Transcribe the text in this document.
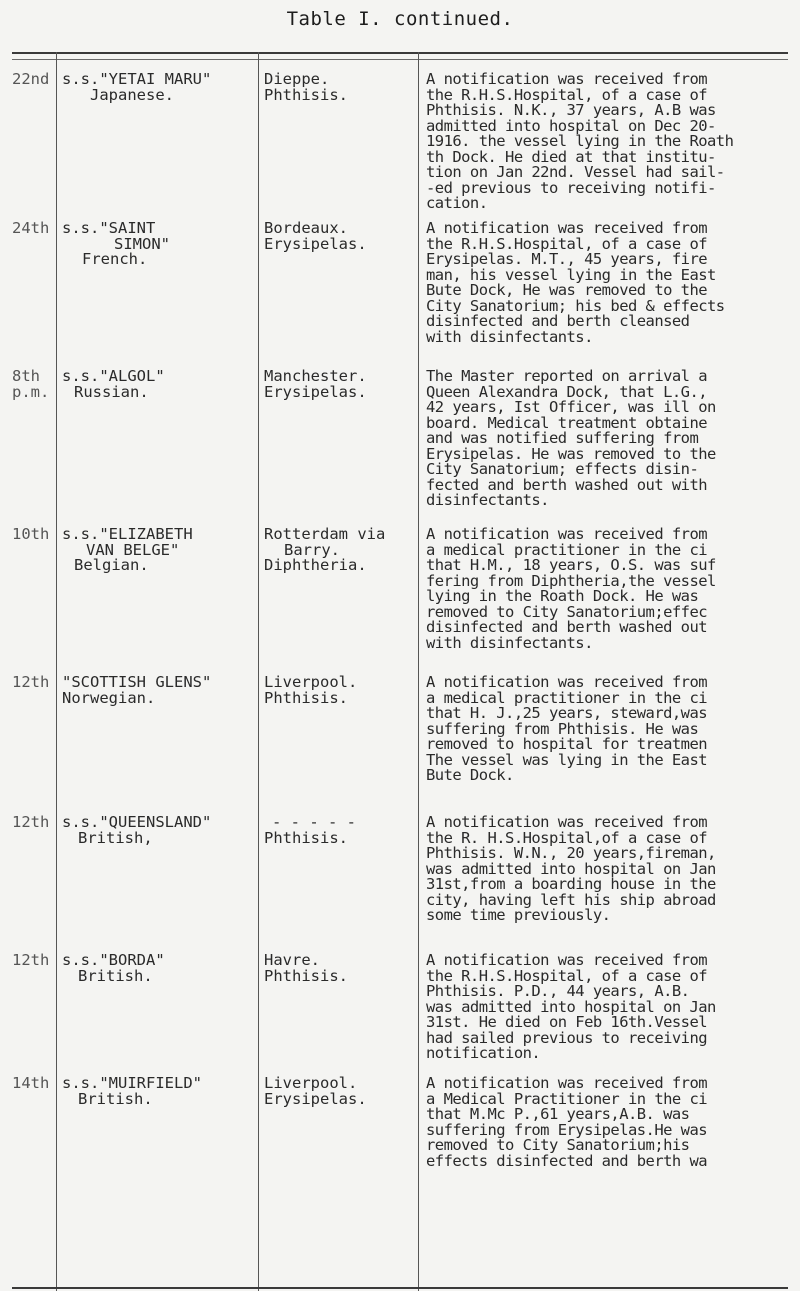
Table I. continued.
22nd s.s."YETAI MARU"
Japanese.
Dieppe.
Phthisis.
A notification was received from
the R.H.S.Hospital, of a case of
Phthisis. N.K., 37 years, A.B was
admitted into hospital on Dec 20-
1916. the vessel lying in the Roath
th Dock. He died at that institu-
tion on Jan 22nd. Vessel had sail-
-ed previous to receiving notifi-
cation.
24th s.s."SAINT
SIMON"
French.
Bordeaux.
Erysipelas.
A notification was received from
the R.H.S.Hospital, of a case of
Erysipelas. M.T., 45 years, fire
man, his vessel lying in the East
Bute Dock, He was removed to the
City Sanatorium; his bed & effects
disinfected and berth cleansed
with disinfectants.
8th
p.m.
s.s."ALGOL"
Russian.
Manchester.
Erysipelas.
The Master reported on arrival a
Queen Alexandra Dock, that L.G.,
42 years, Ist Officer, was ill on
board. Medical treatment obtaine
and was notified suffering from
Erysipelas. He was removed to the
City Sanatorium; effects disin-
fected and berth washed out with
disinfectants.
10th s.s."ELIZABETH
VAN BELGE"
Belgian.
Rotterdam via
Barry.
Diphtheria.
A notification was received from
a medical practitioner in the ci
that H.M., 18 years, O.S. was suf
fering from Diphtheria,the vessel
lying in the Roath Dock. He was
removed to City Sanatorium;effec
disinfected and berth washed out
with disinfectants.
12th "SCOTTISH GLENS"
Norwegian.
Liverpool.
Phthisis.
A notification was received from
a medical practitioner in the ci
that H. J.,25 years, steward,was
suffering from Phthisis. He was
removed to hospital for treatmen
The vessel was lying in the East
Bute Dock.
12th s.s."QUEENSLAND"
British,
- - - - -
Phthisis.
A notification was received from
the R. H.S.Hospital,of a case of
Phthisis. W.N., 20 years,fireman,
was admitted into hospital on Jan
31st,from a boarding house in the
city, having left his ship abroad
some time previously.
12th s.s."BORDA"
British.
Havre.
Phthisis.
A notification was received from
the R.H.S.Hospital, of a case of
Phthisis. P.D., 44 years, A.B.
was admitted into hospital on Jan
31st. He died on Feb 16th.Vessel
had sailed previous to receiving
notification.
14th s.s."MUIRFIELD"
British.
Liverpool.
Erysipelas.
A notification was received from
a Medical Practitioner in the ci
that M.Mc P.,61 years,A.B. was
suffering from Erysipelas.He was
removed to City Sanatorium;his
effects disinfected and berth wa
